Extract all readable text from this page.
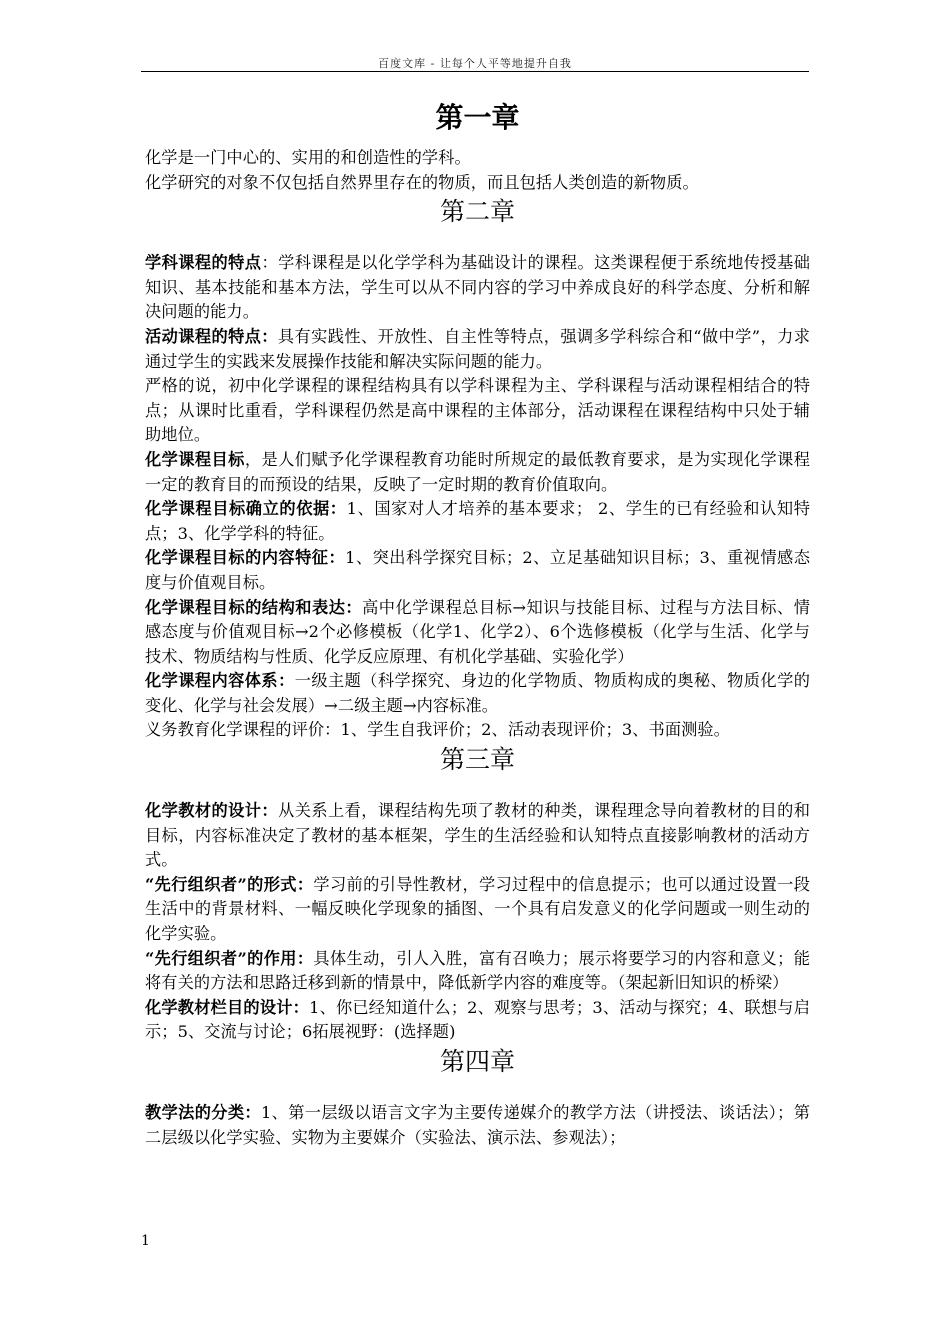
百度文库 - 让每个人平等地提升自我
第一章

化学是一门中心的、实用的和创造性的学科。

化学研究的对象不仅包括自然界里存在的物质，而且包括人类创造的新物质。

第二章

学科课程的特点：学科课程是以化学学科为基础设计的课程。这类课程便于系统地传授基础知识、基本技能和基本方法，学生可以从不同内容的学习中养成良好的科学态度、分析和解决问题的能力。

活动课程的特点：具有实践性、开放性、自主性等特点，强调多学科综合和“做中学”，力求通过学生的实践来发展操作技能和解决实际问题的能力。

严格的说，初中化学课程的课程结构具有以学科课程为主、学科课程与活动课程相结合的特点；从课时比重看，学科课程仍然是高中课程的主体部分，活动课程在课程结构中只处于辅助地位。

化学课程目标，是人们赋予化学课程教育功能时所规定的最低教育要求，是为实现化学课程一定的教育目的而预设的结果，反映了一定时期的教育价值取向。

化学课程目标确立的依据：1、国家对人才培养的基本要求； 2、学生的已有经验和认知特点；3、化学学科的特征。

化学课程目标的内容特征：1、突出科学探究目标；2、立足基础知识目标；3、重视情感态度与价值观目标。

化学课程目标的结构和表达：高中化学课程总目标→知识与技能目标、过程与方法目标、情感态度与价值观目标→2个必修模板（化学1、化学2）、6个选修模板（化学与生活、化学与技术、物质结构与性质、化学反应原理、有机化学基础、实验化学）

化学课程内容体系：一级主题（科学探究、身边的化学物质、物质构成的奥秘、物质化学的变化、化学与社会发展）→二级主题→内容标准。

义务教育化学课程的评价：1、学生自我评价；2、活动表现评价；3、书面测验。

第三章

化学教材的设计：从关系上看，课程结构先项了教材的种类，课程理念导向着教材的目的和目标，内容标准决定了教材的基本框架，学生的生活经验和认知特点直接影响教材的活动方式。

“先行组织者”的形式：学习前的引导性教材，学习过程中的信息提示；也可以通过设置一段生活中的背景材料、一幅反映化学现象的插图、一个具有启发意义的化学问题或一则生动的化学实验。

“先行组织者”的作用：具体生动，引人入胜，富有召唤力；展示将要学习的内容和意义；能将有关的方法和思路迁移到新的情景中，降低新学内容的难度等。（架起新旧知识的桥梁）

化学教材栏目的设计：1、你已经知道什么；2、观察与思考；3、活动与探究；4、联想与启示；5、交流与讨论；6拓展视野：(选择题)

第四章

教学法的分类：1、第一层级以语言文字为主要传递媒介的教学方法（讲授法、谈话法）；第二层级以化学实验、实物为主要媒介（实验法、演示法、参观法）；

1
